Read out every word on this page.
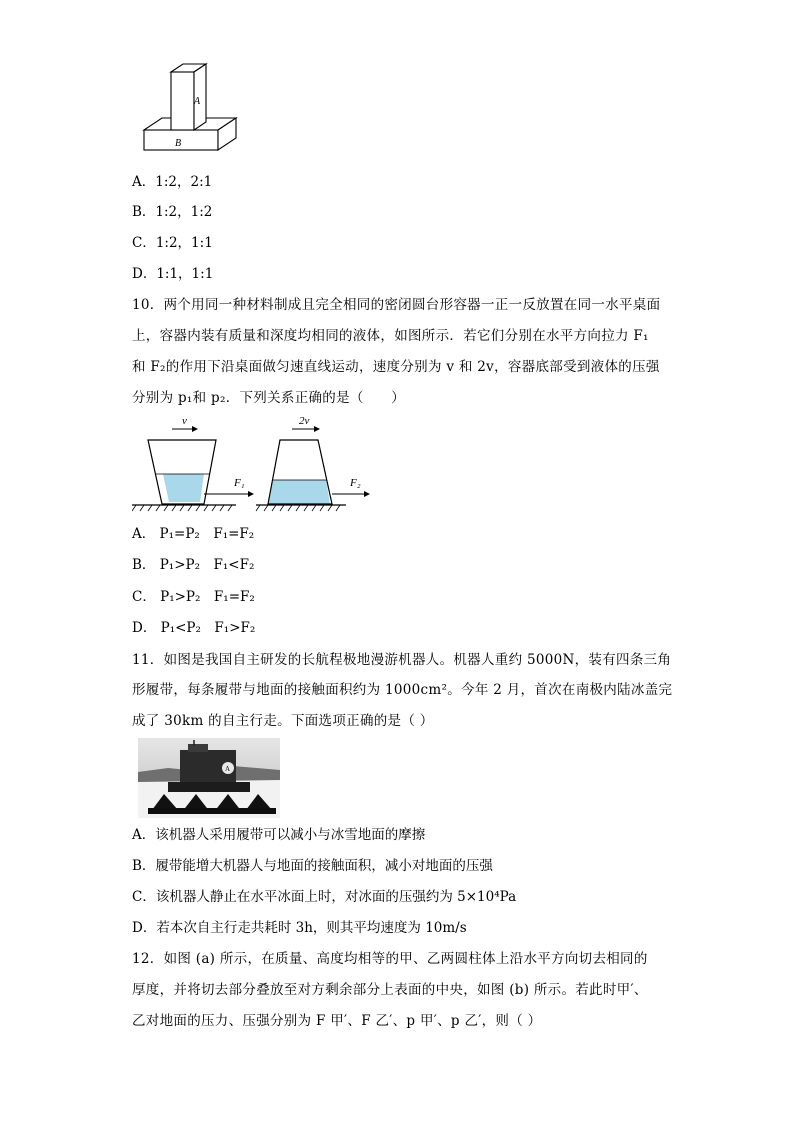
A
B
A．1:2，2:1
B．1:2，1:2
C．1:2，1:1
D．1:1，1:1
10．两个用同一种材料制成且完全相同的密闭圆台形容器一正一反放置在同一水平桌面
上，容器内装有质量和深度均相同的液体，如图所示．若它们分别在水平方向拉力 F₁
和 F₂的作用下沿桌面做匀速直线运动，速度分别为 v 和 2v，容器底部受到液体的压强
分别为 p₁和 p₂．下列关系正确的是（　　）
v
F₁
2v
F₂
A． P₁=P₂　F₁=F₂
B． P₁>P₂　F₁<F₂
C． P₁>P₂　F₁=F₂
D． P₁<P₂　F₁>F₂
11．如图是我国自主研发的长航程极地漫游机器人。机器人重约 5000N，装有四条三角
形履带，每条履带与地面的接触面积约为 1000cm²。今年 2 月，首次在南极内陆冰盖完
成了 30km 的自主行走。下面选项正确的是（ ）
A
A．该机器人采用履带可以减小与冰雪地面的摩擦
B．履带能增大机器人与地面的接触面积，减小对地面的压强
C．该机器人静止在水平冰面上时，对冰面的压强约为 5×10⁴Pa
D．若本次自主行走共耗时 3h，则其平均速度为 10m/s
12．如图 (a) 所示，在质量、高度均相等的甲、乙两圆柱体上沿水平方向切去相同的
厚度，并将切去部分叠放至对方剩余部分上表面的中央，如图 (b) 所示。若此时甲′、
乙对地面的压力、压强分别为 F 甲′、F 乙′、p 甲′、p 乙′，则（ ）
